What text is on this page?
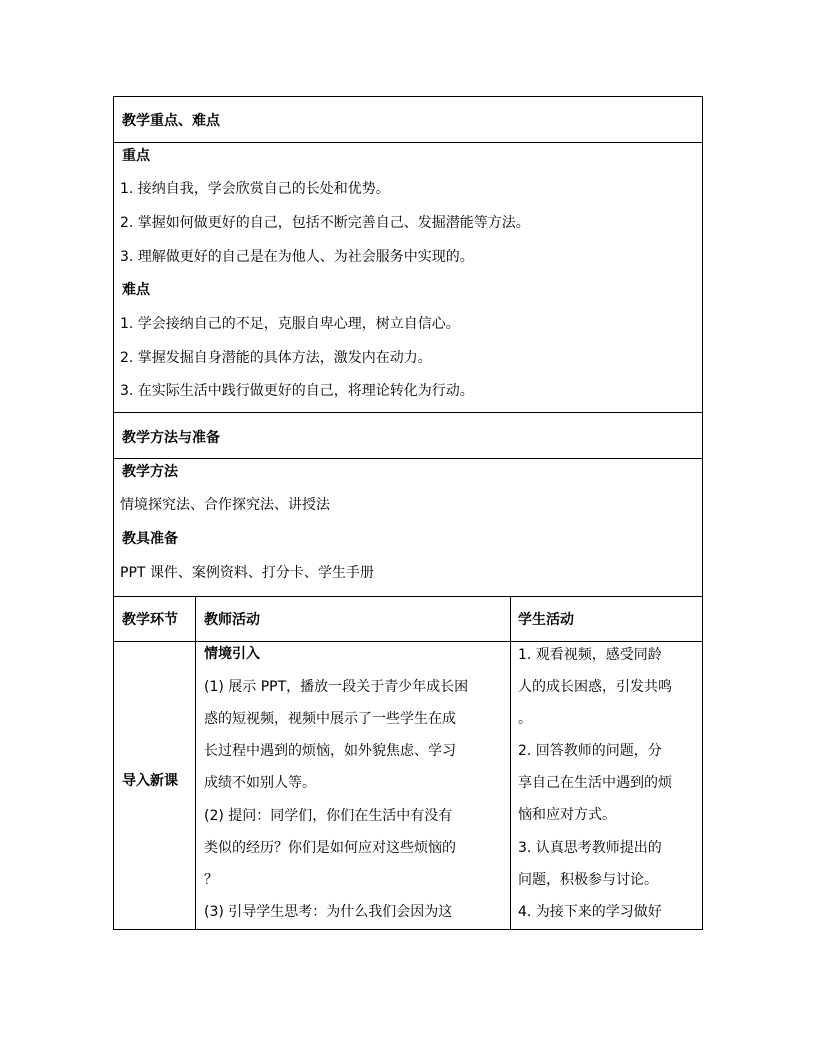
教学重点、难点
重点
1. 接纳自我，学会欣赏自己的长处和优势。
2. 掌握如何做更好的自己，包括不断完善自己、发掘潜能等方法。
3. 理解做更好的自己是在为他人、为社会服务中实现的。
难点
1. 学会接纳自己的不足，克服自卑心理，树立自信心。
2. 掌握发掘自身潜能的具体方法，激发内在动力。
3. 在实际生活中践行做更好的自己，将理论转化为行动。
教学方法与准备
教学方法
情境探究法、合作探究法、讲授法
教具准备
PPT 课件、案例资料、打分卡、学生手册
教学环节 教师活动	学生活动
导入新课
情境引入
(1) 展示 PPT，播放一段关于青少年成长困
惑的短视频，视频中展示了一些学生在成
长过程中遇到的烦恼，如外貌焦虑、学习
成绩不如别人等。
(2) 提问：同学们，你们在生活中有没有
类似的经历？你们是如何应对这些烦恼的
？
(3) 引导学生思考：为什么我们会因为这
1. 观看视频，感受同龄
人的成长困惑，引发共鸣
。
2. 回答教师的问题，分
享自己在生活中遇到的烦
恼和应对方式。
3. 认真思考教师提出的
问题，积极参与讨论。
4. 为接下来的学习做好
